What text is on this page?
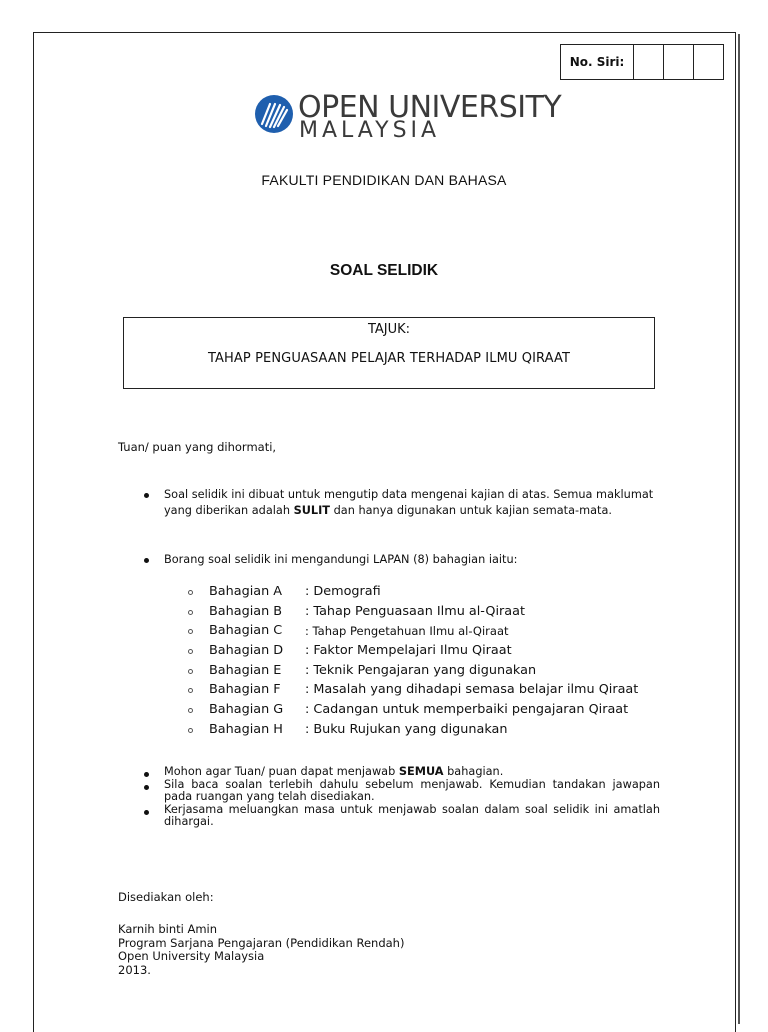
No. Siri:
OPEN UNIVERSITY
MALAYSIA
FAKULTI PENDIDIKAN DAN BAHASA
SOAL SELIDIK
TAJUK:
TAHAP PENGUASAAN PELAJAR TERHADAP ILMU QIRAAT
Tuan/ puan yang dihormati,
Soal selidik ini dibuat untuk mengutip data mengenai kajian di atas. Semua maklumat yang diberikan adalah SULIT dan hanya digunakan untuk kajian semata-mata.
Borang soal selidik ini mengandungi LAPAN (8) bahagian iaitu:
Bahagian A : Demografi
Bahagian B : Tahap Penguasaan Ilmu al-Qiraat
Bahagian C : Tahap Pengetahuan Ilmu al-Qiraat
Bahagian D : Faktor Mempelajari Ilmu Qiraat
Bahagian E : Teknik Pengajaran yang digunakan
Bahagian F : Masalah yang dihadapi semasa belajar ilmu Qiraat
Bahagian G : Cadangan untuk memperbaiki pengajaran Qiraat
Bahagian H : Buku Rujukan yang digunakan
Mohon agar Tuan/ puan dapat menjawab SEMUA bahagian.
Sila baca soalan terlebih dahulu sebelum menjawab. Kemudian tandakan jawapan pada ruangan yang telah disediakan.
Kerjasama meluangkan masa untuk menjawab soalan dalam soal selidik ini amatlah dihargai.
Disediakan oleh:
Karnih binti Amin
Program Sarjana Pengajaran (Pendidikan Rendah)
Open University Malaysia
2013.
